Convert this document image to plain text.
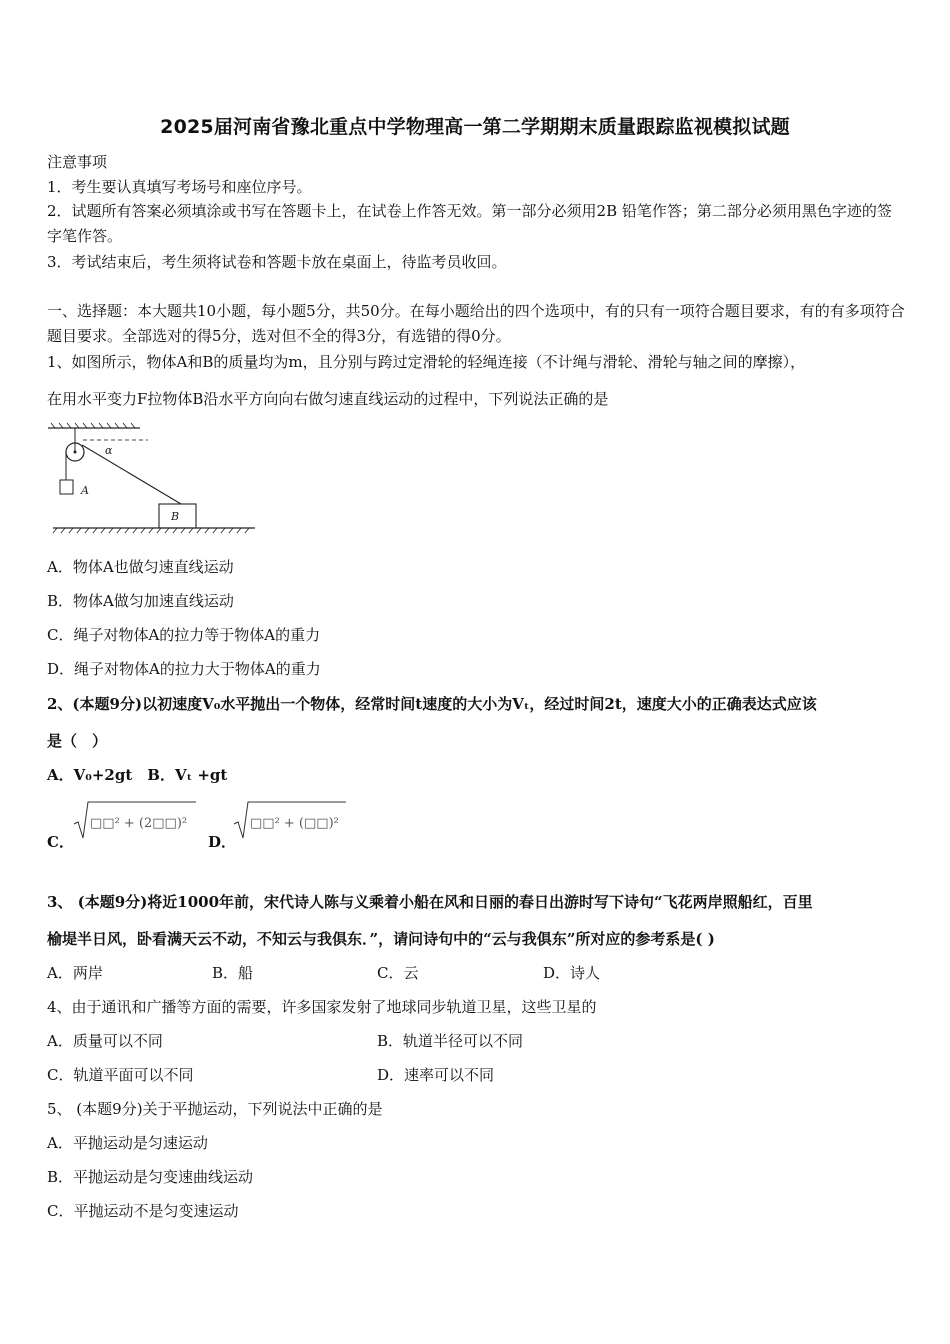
2025届河南省豫北重点中学物理高一第二学期期末质量跟踪监视模拟试题
注意事项
1．考生要认真填写考场号和座位序号。
2．试题所有答案必须填涂或书写在答题卡上，在试卷上作答无效。第一部分必须用2B 铅笔作答；第二部分必须用黑色字迹的签字笔作答。
3．考试结束后，考生须将试卷和答题卡放在桌面上，待监考员收回。
一、选择题：本大题共10小题，每小题5分，共50分。在每小题给出的四个选项中，有的只有一项符合题目要求，有的有多项符合题目要求。全部选对的得5分，选对但不全的得3分，有选错的得0分。
1、如图所示，物体A和B的质量均为m，且分别与跨过定滑轮的轻绳连接（不计绳与滑轮、滑轮与轴之间的摩擦），
在用水平变力F拉物体B沿水平方向向右做匀速直线运动的过程中，下列说法正确的是
A
α
B
A．物体A也做匀速直线运动
B．物体A做匀加速直线运动
C．绳子对物体A的拉力等于物体A的重力
D．绳子对物体A的拉力大于物体A的重力
2、(本题9分)以初速度V₀水平抛出一个物体，经常时间t速度的大小为Vₜ，经过时间2t，速度大小的正确表达式应该
是（　）
A．V₀+2gt　B．Vₜ +gt
C．
□□² + (2□□)²
D．
□□² + (□□)²
3、 (本题9分)将近1000年前，宋代诗人陈与义乘着小船在风和日丽的春日出游时写下诗句“飞花两岸照船红，百里
榆堤半日风，卧看满天云不动，不知云与我俱东．”，请问诗句中的“云与我俱东”所对应的参考系是( )
A．两岸	B．船	C．云	D．诗人
4、由于通讯和广播等方面的需要，许多国家发射了地球同步轨道卫星，这些卫星的
A．质量可以不同	B．轨道半径可以不同
C．轨道平面可以不同	D．速率可以不同
5、 (本题9分)关于平抛运动，下列说法中正确的是
A．平抛运动是匀速运动
B．平抛运动是匀变速曲线运动
C．平抛运动不是匀变速运动
